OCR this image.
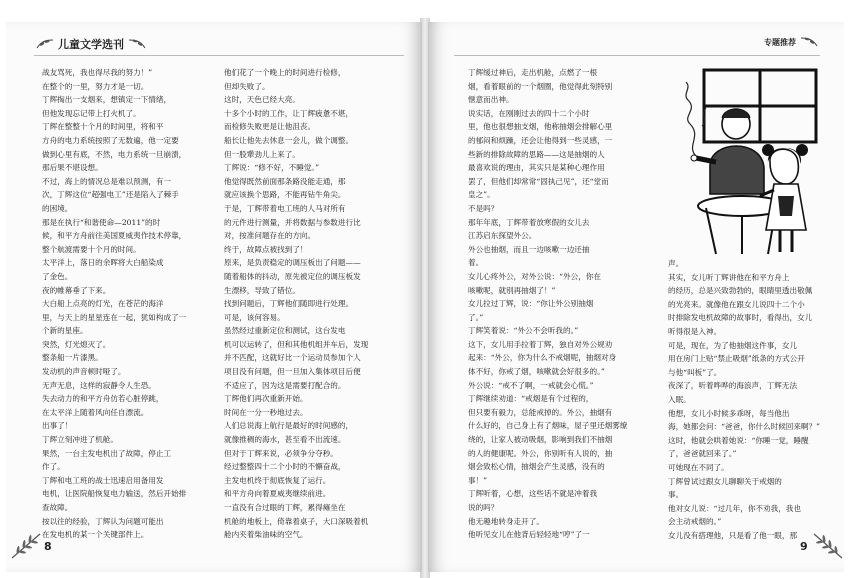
儿童文学选刊

战友骂死，我也得尽我的努力！”

在整个的一里，努力才是一切。

丁辉掏出一支烟来，想镇定一下情绪，

但他发现忘记带上打火机了。

丁辉在整整十个月的时间里，将和平

方舟的电力系统按照了无数遍，他一定要

做到心里有底，不然，电力系统一旦崩溃，

那后果不堪设想。

不过，海上的情况总是难以预测，有一

次，丁辉这位“超强电工”还是陷入了棘手

的困境。

那是在执行“和谐使命—2011”的时

候，和平方舟前往美国夏威夷作技术停靠，

整个航渡需要十个月的时间。

太平洋上，落日的余晖将大白船染成

了金色。

夜的帷幕垂了下来。

大白船上点亮的灯光，在苍茫的海洋

里，与天上的星星连在一起，犹如构成了一

个新的星座。

突然，灯光熄灭了。

整条船一片漆黑。

发动机的声音顿时哑了。

无声无息，这样的寂静令人生恐。

失去动力的和平方舟仿若心脏停跳，

在太平洋上随着风向任自漂流。

出事了！

丁辉立刻冲进了机舱。

果然，一台主发电机出了故障，停止工

作了。

丁辉和电工班的战士迅速启用备用发

电机，让医院船恢复电力输送，然后开始排

查故障。

按以往的经验，丁辉认为问题可能出

在发电机的某一个关键部件上。

他们花了一个晚上的时间进行检修，

但却失败了。

这时，天色已经大亮。

十多个小时的工作，让丁辉疲惫不堪，

而检修失败更是让他沮丧。

船长让他先去休息一会儿，做个调整。

但一股犟劲儿上来了。

丁辉说：“修不好，不睡觉。”

他觉得既然前面那条路没能走通，那

就应该换个思路，不能再钻牛角尖。

于是，丁辉带着电工班的人马对所有

的元件进行测量，并将数据与参数进行比

对，按准问题存在的方向。

终于，故障点被找到了！

原来，是负责稳定的调压板出了问题——

随着船体的抖动，原先被定位的调压板发

生漂移，导致了错位。

找到问题后，丁辉他们随即进行处理。

可是，该何容易。

虽然经过重新定位和测试，这台发电

机可以运转了，但和其他机组并车后，发现

并不匹配，这就好比一个运动员参加个人

项目没有问题，但一旦加入集体项目后便

不适应了，因为这是需要打配合的。

丁辉他们再次重新开始。

时间在一分一秒地过去。

人们总说海上航行是最好的时间感的，

就像推稠的海水，甚至看不出流速。

但对于丁辉来说，必须争分夺秒。

经过整整四十二个小时的不懈奋战，

主发电机终于彻底恢复了运行。

和平方舟向着夏威夷继续前进。

一直没有合过眼的丁辉，累得瘫坐在

机舱的地板上，倚靠着桌子，大口深吸着机

舱内夹着柴油味的空气。

8
专题推荐

丁辉缓过神后，走出机舱，点燃了一根

烟，看着眼前的一个烟圈，他觉得此刻特别

惬意而出神。

说实话，在刚刚过去的四十二个小时

里，他也很想抽支烟，他称抽烟会排解心里

的郁闷和烦躁，还会让他得到一些灵感，一

些新的排除故障的思路——这是抽烟的人

最喜欢说的理由，其实只是某种心理作用

罢了，但他们却常常“固执己见”，还“堂而

皇之”。

不是吗？

那年年底，丁辉带着放寒假的女儿去

江苏启东探望外公。

外公也抽烟，而且一边咳嗽一边还抽

着。

女儿心疼外公，对外公说：“外公，你在

咳嗽呢，就别再抽烟了！”

女儿拉过丁辉，说：“你让外公别抽烟

了。”

丁辉笑着说：“外公不会听我的。”

这下，女儿用手拉着丁辉，独自对外公规劝

起来：“外公，你为什么不戒烟呢，抽烟对身

体不好，你戒了烟，咳嗽就会好很多的。”

外公说：“戒不了啊，一戒就会心慌。”

丁辉继续劝道：“戒烟是有个过程的，

但只要有毅力，总能戒掉的。外公，抽烟有

什么好的，自己身上有了烟味，屋子里还烟雾缭

绕的，让家人被动吸烟，影响到我们不抽烟

的人的健康呢。外公，你别听有人说的，抽

烟会致松心情，抽烟会产生灵感，没有的

事！”

丁辉听着，心想，这些话不就是冲着我

说的吗？

他无趣地转身走开了。

他听见女儿在他背后轻轻地“哼”了一

声。

其实，女儿听丁辉讲他在和平方舟上

的经历，总是兴致勃勃的，眼睛里透出敬佩

的光亮来。就像他在跟女儿说四十二个小

时排除发电机故障的故事时，看得出，女儿

听得很是入神。

可是，现在，为了他抽烟这件事，女儿

用在房门上贴“禁止吸烟”纸条的方式公开

与他“叫板”了。

夜深了，听着哗哗的海浪声，丁辉无法

入眠。

他想，女儿小时候多乖呀，每当他出

海，她都会问：“爸爸，你什么时候回来啊？”

这时，他就会哄着她说：“你睡一觉，睡醒

了，爸爸就回来了。”

可她现在不同了。

丁辉曾试过跟女儿聊聊关于戒烟的

事。

他对女儿说：“过几年，你不劝我，我也

会主动戒烟的。”

女儿没有搭理他，只是看了他一眼，那

9
